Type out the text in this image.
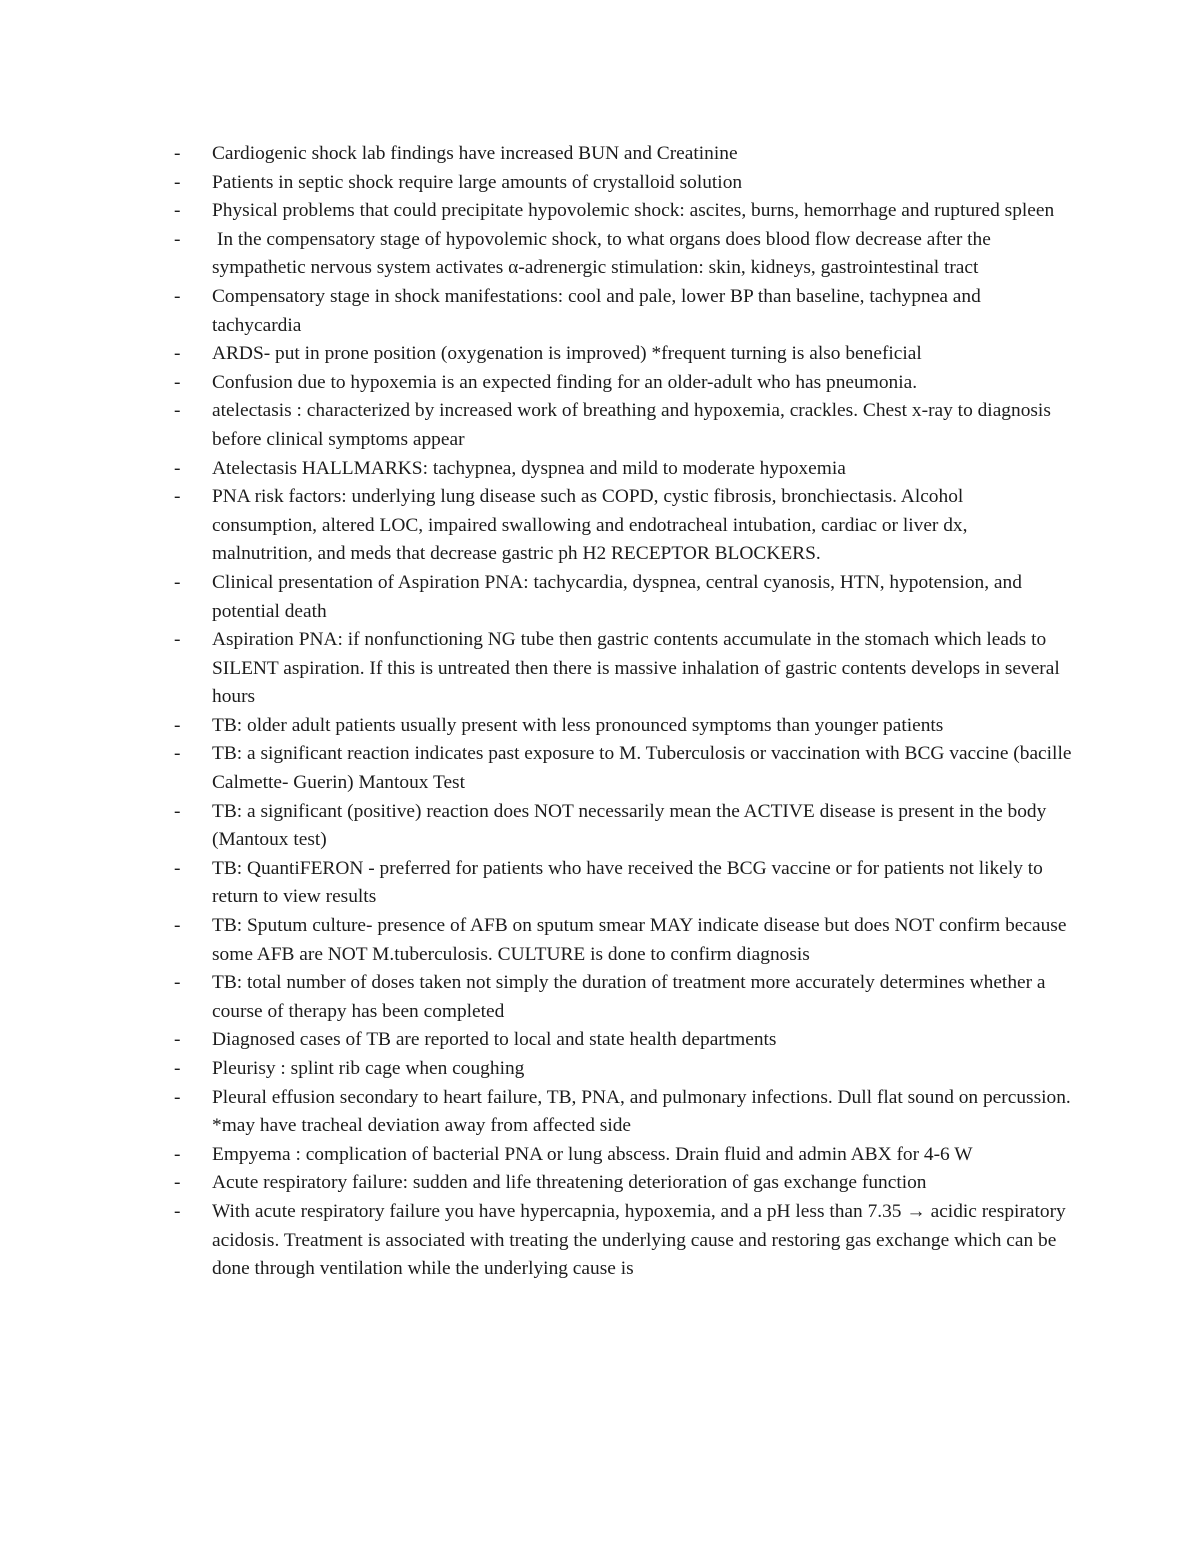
- Cardiogenic shock lab findings have increased BUN and Creatinine
- Patients in septic shock require large amounts of crystalloid solution
- Physical problems that could precipitate hypovolemic shock: ascites, burns, hemorrhage and ruptured spleen
- In the compensatory stage of hypovolemic shock, to what organs does blood flow decrease after the sympathetic nervous system activates α-adrenergic stimulation: skin, kidneys, gastrointestinal tract
- Compensatory stage in shock manifestations: cool and pale, lower BP than baseline, tachypnea and tachycardia
- ARDS- put in prone position (oxygenation is improved) *frequent turning is also beneficial
- Confusion due to hypoxemia is an expected finding for an older-adult who has pneumonia.
- atelectasis : characterized by increased work of breathing and hypoxemia, crackles. Chest x-ray to diagnosis before clinical symptoms appear
- Atelectasis HALLMARKS: tachypnea, dyspnea and mild to moderate hypoxemia
- PNA risk factors: underlying lung disease such as COPD, cystic fibrosis, bronchiectasis. Alcohol consumption, altered LOC, impaired swallowing and endotracheal intubation, cardiac or liver dx, malnutrition, and meds that decrease gastric ph H2 RECEPTOR BLOCKERS.
- Clinical presentation of Aspiration PNA: tachycardia, dyspnea, central cyanosis, HTN, hypotension, and potential death
- Aspiration PNA: if nonfunctioning NG tube then gastric contents accumulate in the stomach which leads to SILENT aspiration. If this is untreated then there is massive inhalation of gastric contents develops in several hours
- TB: older adult patients usually present with less pronounced symptoms than younger patients
- TB: a significant reaction indicates past exposure to M. Tuberculosis or vaccination with BCG vaccine (bacille Calmette- Guerin) Mantoux Test
- TB: a significant (positive) reaction does NOT necessarily mean the ACTIVE disease is present in the body (Mantoux test)
- TB: QuantiFERON - preferred for patients who have received the BCG vaccine or for patients not likely to return to view results
- TB: Sputum culture- presence of AFB on sputum smear MAY indicate disease but does NOT confirm because some AFB are NOT M.tuberculosis. CULTURE is done to confirm diagnosis
- TB: total number of doses taken not simply the duration of treatment more accurately determines whether a course of therapy has been completed
- Diagnosed cases of TB are reported to local and state health departments
- Pleurisy : splint rib cage when coughing
- Pleural effusion secondary to heart failure, TB, PNA, and pulmonary infections. Dull flat sound on percussion. *may have tracheal deviation away from affected side
- Empyema : complication of bacterial PNA or lung abscess. Drain fluid and admin ABX for 4-6 W
- Acute respiratory failure: sudden and life threatening deterioration of gas exchange function
- With acute respiratory failure you have hypercapnia, hypoxemia, and a pH less than 7.35 → acidic respiratory acidosis. Treatment is associated with treating the underlying cause and restoring gas exchange which can be done through ventilation while the underlying cause is
